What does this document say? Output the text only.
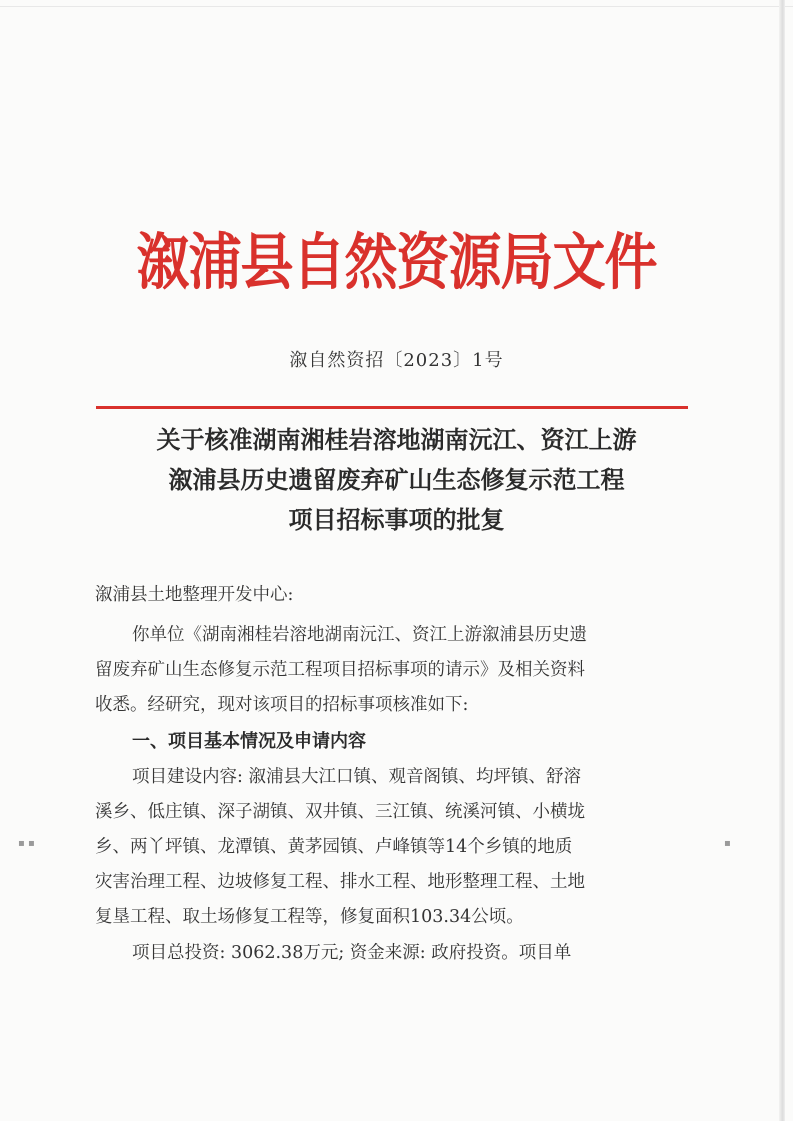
溆浦县自然资源局文件
溆自然资招〔2023〕1号
关于核准湖南湘桂岩溶地湖南沅江、资江上游
溆浦县历史遗留废弃矿山生态修复示范工程
项目招标事项的批复
溆浦县土地整理开发中心:
你单位《湖南湘桂岩溶地湖南沅江、资江上游溆浦县历史遗
留废弃矿山生态修复示范工程项目招标事项的请示》及相关资料
收悉。经研究，现对该项目的招标事项核准如下:
一、项目基本情况及申请内容
项目建设内容: 溆浦县大江口镇、观音阁镇、均坪镇、舒溶
溪乡、低庄镇、深子湖镇、双井镇、三江镇、统溪河镇、小横垅
乡、两丫坪镇、龙潭镇、黄茅园镇、卢峰镇等14个乡镇的地质
灾害治理工程、边坡修复工程、排水工程、地形整理工程、土地
复垦工程、取土场修复工程等，修复面积103.34公顷。
项目总投资: 3062.38万元; 资金来源: 政府投资。项目单
▪ ▪	▪
